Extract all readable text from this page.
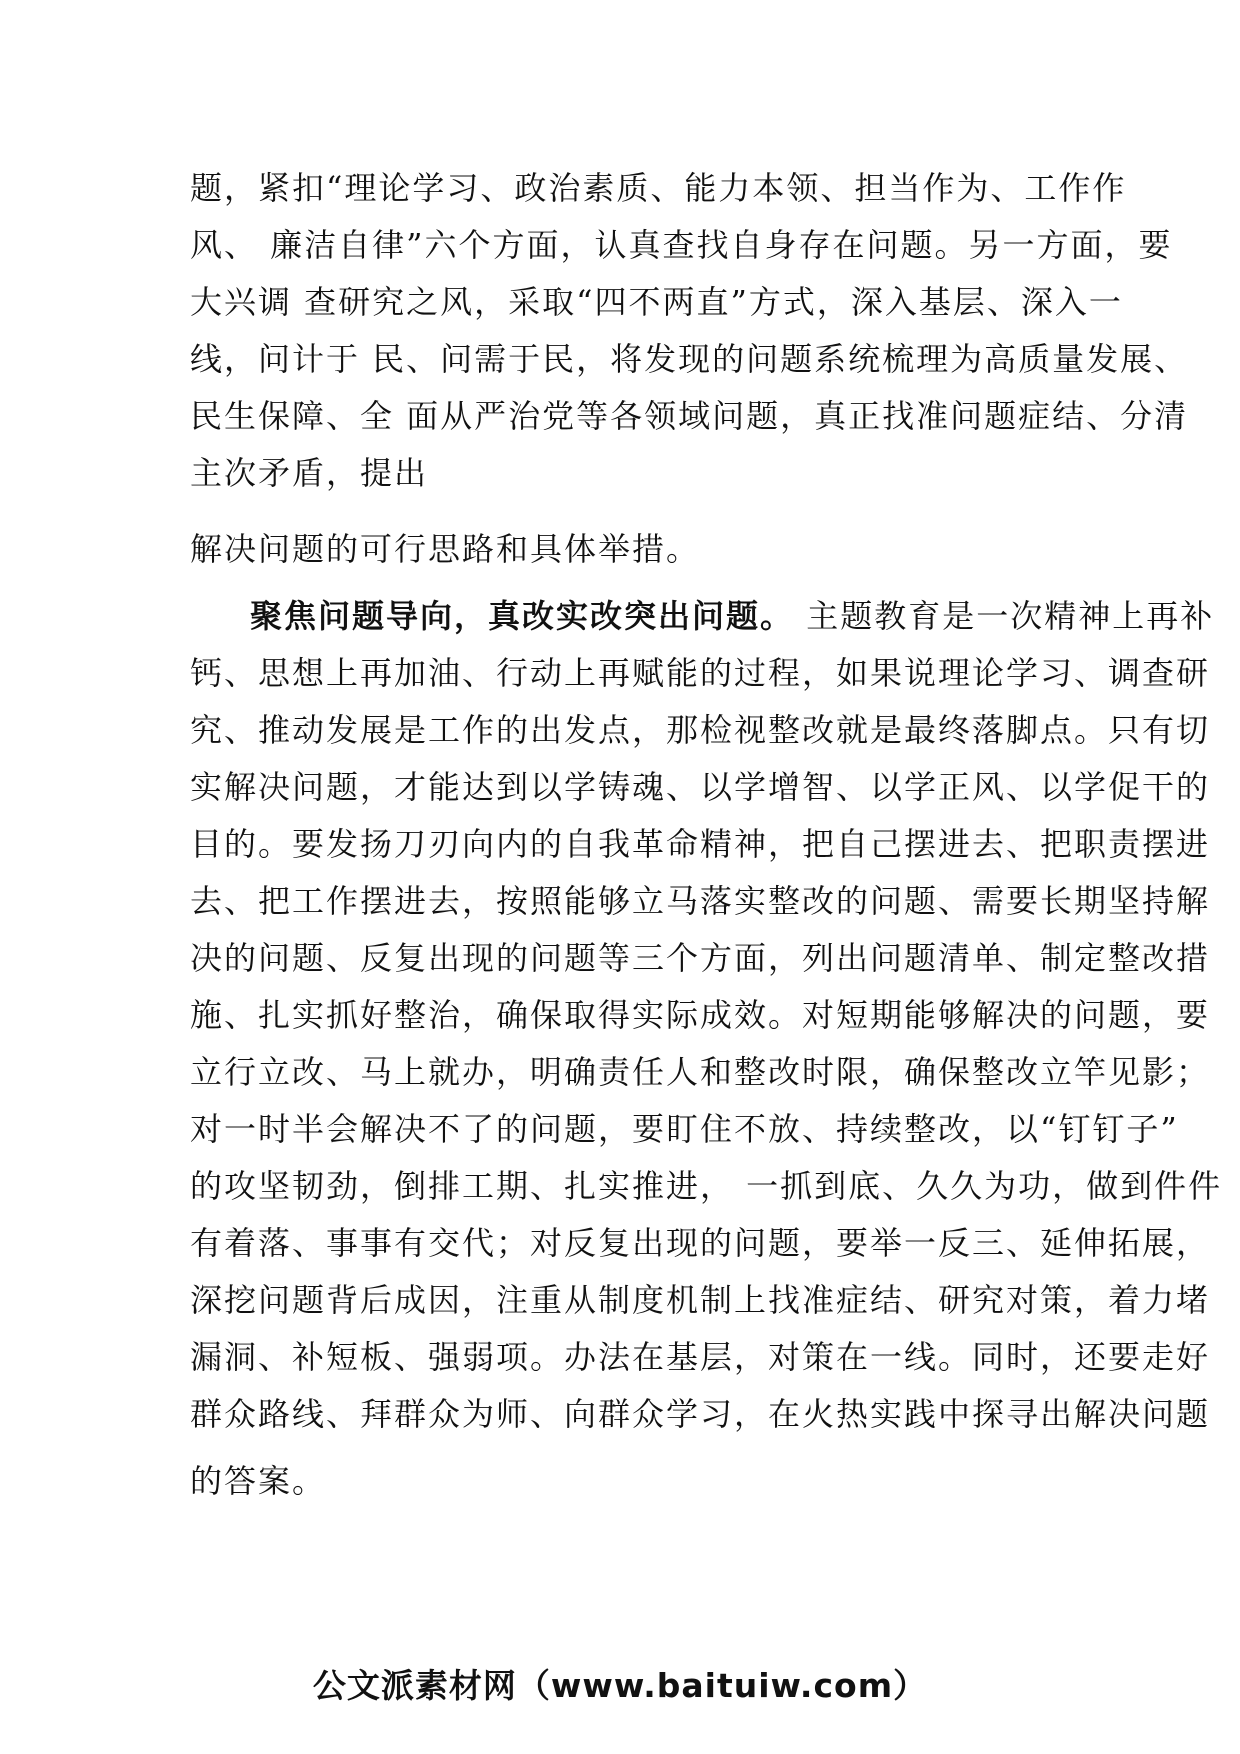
题，紧扣“理论学习、政治素质、能力本领、担当作为、工作作
风、 廉洁自律”六个方面，认真查找自身存在问题。另一方面，要
大兴调 查研究之风，采取“四不两直”方式，深入基层、深入一
线，问计于 民、问需于民，将发现的问题系统梳理为高质量发展、
民生保障、全 面从严治党等各领域问题，真正找准问题症结、分清
主次矛盾，提出
解决问题的可行思路和具体举措。
聚焦问题导向，真改实改突出问题。 主题教育是一次精神上再补
钙、思想上再加油、行动上再赋能的过程，如果说理论学习、调查研
究、推动发展是工作的出发点，那检视整改就是最终落脚点。只有切
实解决问题，才能达到以学铸魂、以学增智、以学正风、以学促干的
目的。要发扬刀刃向内的自我革命精神，把自己摆进去、把职责摆进
去、把工作摆进去，按照能够立马落实整改的问题、需要长期坚持解
决的问题、反复出现的问题等三个方面，列出问题清单、制定整改措
施、扎实抓好整治，确保取得实际成效。对短期能够解决的问题，要
立行立改、马上就办，明确责任人和整改时限，确保整改立竿见影；
对一时半会解决不了的问题，要盯住不放、持续整改，以“钉钉子”
的攻坚韧劲，倒排工期、扎实推进， 一抓到底、久久为功，做到件件
有着落、事事有交代；对反复出现的问题，要举一反三、延伸拓展，
深挖问题背后成因，注重从制度机制上找准症结、研究对策，着力堵
漏洞、补短板、强弱项。办法在基层，对策在一线。同时，还要走好
群众路线、拜群众为师、向群众学习，在火热实践中探寻出解决问题
的答案。
公文派素材网（www.baituiw.com）
